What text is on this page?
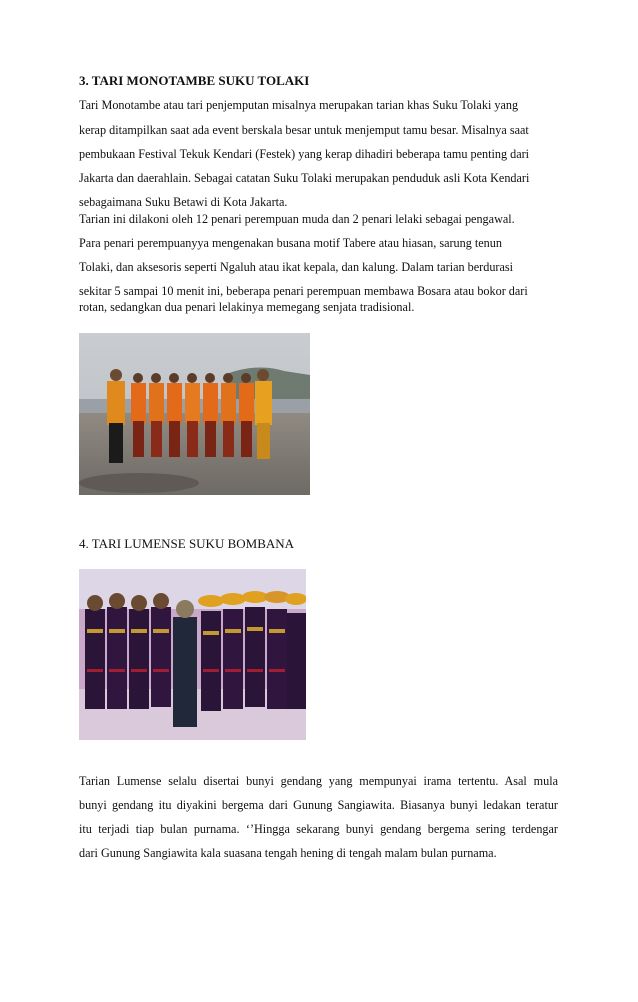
3. TARI MONOTAMBE SUKU TOLAKI
Tari Monotambe atau tari penjemputan misalnya merupakan tarian khas Suku Tolaki yang
kerap ditampilkan saat ada event berskala besar untuk menjemput tamu besar. Misalnya saat
pembukaan Festival Tekuk Kendari (Festek) yang kerap dihadiri beberapa tamu penting dari
Jakarta dan daerahlain. Sebagai catatan Suku Tolaki merupakan penduduk asli Kota Kendari
sebagaimana Suku Betawi di Kota Jakarta.
Tarian ini dilakoni oleh 12 penari perempuan muda dan 2 penari lelaki sebagai pengawal.
Para penari perempuanyya mengenakan busana motif Tabere atau hiasan, sarung tenun
Tolaki, dan aksesoris seperti Ngaluh atau ikat kepala, dan kalung. Dalam tarian berdurasi
sekitar 5 sampai 10 menit ini, beberapa penari perempuan membawa Bosara atau bokor dari
rotan, sedangkan dua penari lelakinya memegang senjata tradisional.
4. TARI LUMENSE SUKU BOMBANA
Tarian Lumense selalu disertai bunyi gendang yang mempunyai irama tertentu. Asal mula
bunyi gendang itu diyakini bergema dari Gunung Sangiawita. Biasanya bunyi ledakan teratur
itu terjadi tiap bulan purnama. ‘’Hingga sekarang bunyi gendang bergema sering terdengar
dari Gunung Sangiawita kala suasana tengah hening di tengah malam bulan purnama.
